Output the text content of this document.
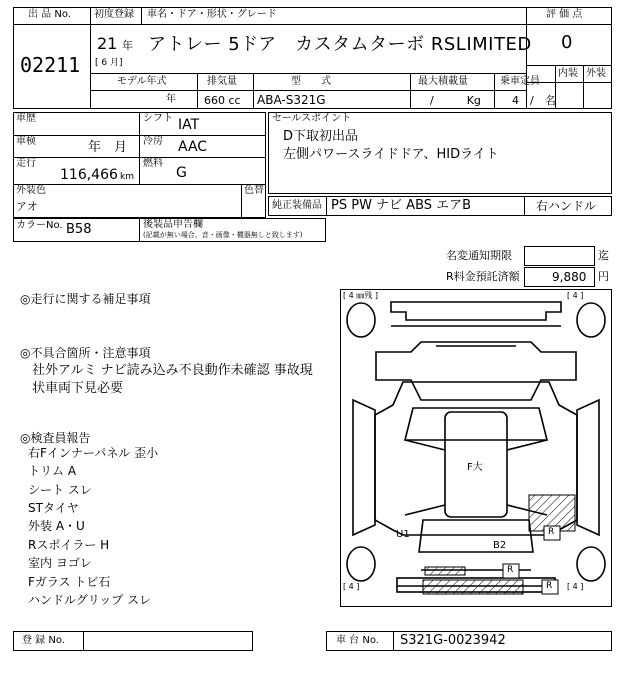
出 品 No.
02211
初度登録 車名・ドア・形状・グレード
21 年
[ 6 月]
アトレー 5ドア　カスタムターボ RSLIMITED
モデル年式	排気量	型　　式	最大積載量	乗車定員
年	660 cc ABA-S321G	/　　　Kg	4　/　名
評 価 点
0
内装 外装
車歴	シフト IAT
車検	年　月 冷房 AAC
走行
116,466 km
燃料
G
外装色
アオ
色替
セールスポイント
D下取初出品
左側パワースライドドア、HIDライト
純正装備品 PS PW ナビ ABS エアB	右ハンドル
カラーNo. B58	後装品申告欄
(記載が無い場合、音・画像・機器無しと致します)
名変通知期限	迄
R料金預託済額	9,880 円
◎走行に関する補足事項
◎不具合箇所・注意事項
社外アルミ ナビ読み込み不良動作未確認 事故現
状車両下見必要
◎検査員報告
右Fインナーパネル 歪小
トリム A
シート スレ
STタイヤ
外装 A・U
Rスポイラー H
室内 ヨゴレ
Fガラス トビ石
ハンドルグリップ スレ
[ 4 ㎜残 ]	[ 4 ]
[ 4 ]	[ 4 ]
F大
U1
B2
R
R
R
登 録 No.	車 台 No. S321G-0023942
